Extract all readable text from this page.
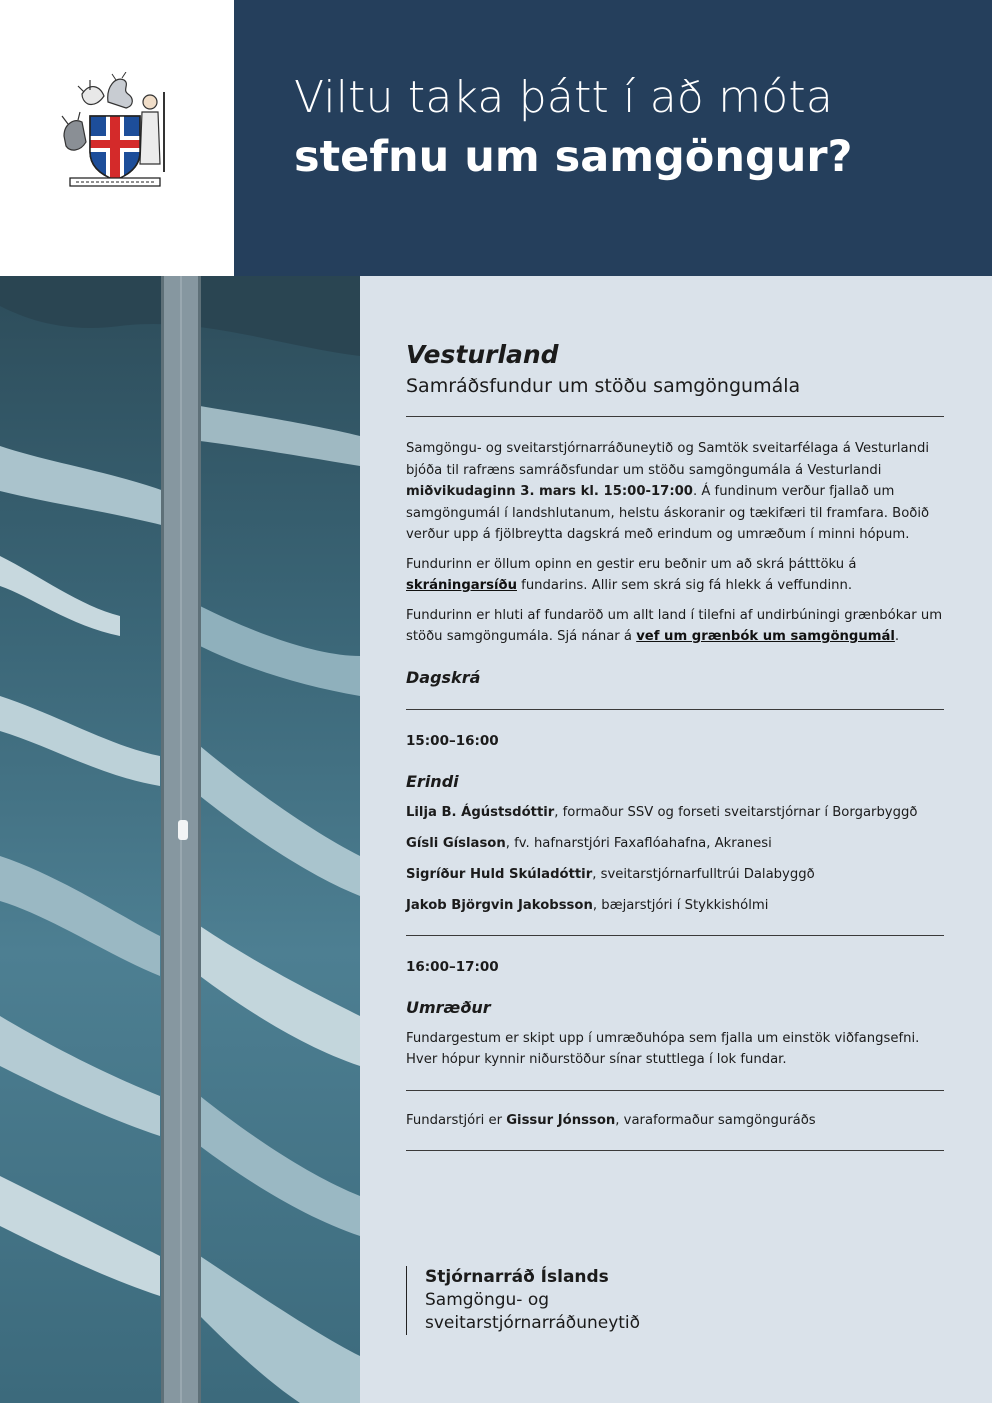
Viltu taka þátt í að móta
stefnu um samgöngur?
Vesturland
Samráðsfundur um stöðu samgöngumála

Samgöngu- og sveitarstjórnarráðuneytið og Samtök sveitarfélaga á Vesturlandi bjóða til rafræns samráðsfundar um stöðu samgöngumála á Vesturlandi miðvikudaginn 3. mars kl. 15:00-17:00. Á fundinum verður fjallað um samgöngumál í landshlutanum, helstu áskoranir og tækifæri til framfara. Boðið verður upp á fjölbreytta dagskrá með erindum og umræðum í minni hópum.

Fundurinn er öllum opinn en gestir eru beðnir um að skrá þátttöku á skráningarsíðu fundarins. Allir sem skrá sig fá hlekk á veffundinn.

Fundurinn er hluti af fundaröð um allt land í tilefni af undirbúningi grænbókar um stöðu samgöngumála. Sjá nánar á vef um grænbók um samgöngumál.

Dagskrá
15:00–16:00
Erindi

Lilja B. Ágústsdóttir, formaður SSV og forseti sveitarstjórnar í Borgarbyggð

Gísli Gíslason, fv. hafnarstjóri Faxaflóahafna, Akranesi

Sigríður Huld Skúladóttir, sveitarstjórnarfulltrúi Dalabyggð

Jakob Björgvin Jakobsson, bæjarstjóri í Stykkishólmi

16:00–17:00
Umræður

Fundargestum er skipt upp í umræðuhópa sem fjalla um einstök viðfangsefni. Hver hópur kynnir niðurstöður sínar stuttlega í lok fundar.

Fundarstjóri er Gissur Jónsson, varaformaður samgönguráðs

Stjórnarráð Íslands
Samgöngu- og
sveitarstjórnarráðuneytið
